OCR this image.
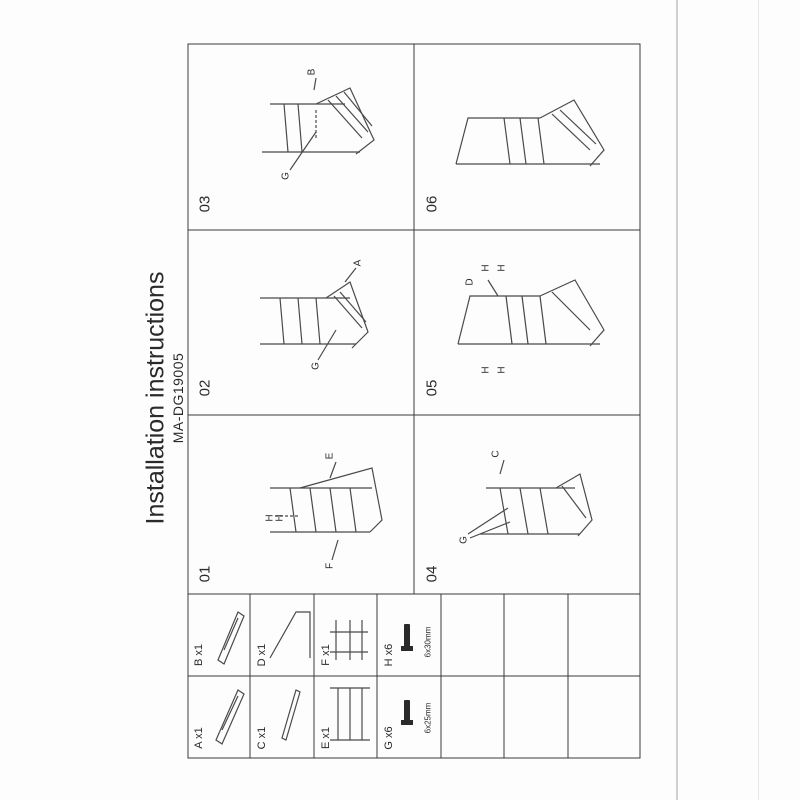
Installation instructions MA-DG19005
01
02
03
04
05
06
H H
E
F
A
G
B
G
C
G
D
H H
H H
A x1
B x1
C x1
D x1
E x1
F x1
G x6
H x6
6x25mm
6x30mm
